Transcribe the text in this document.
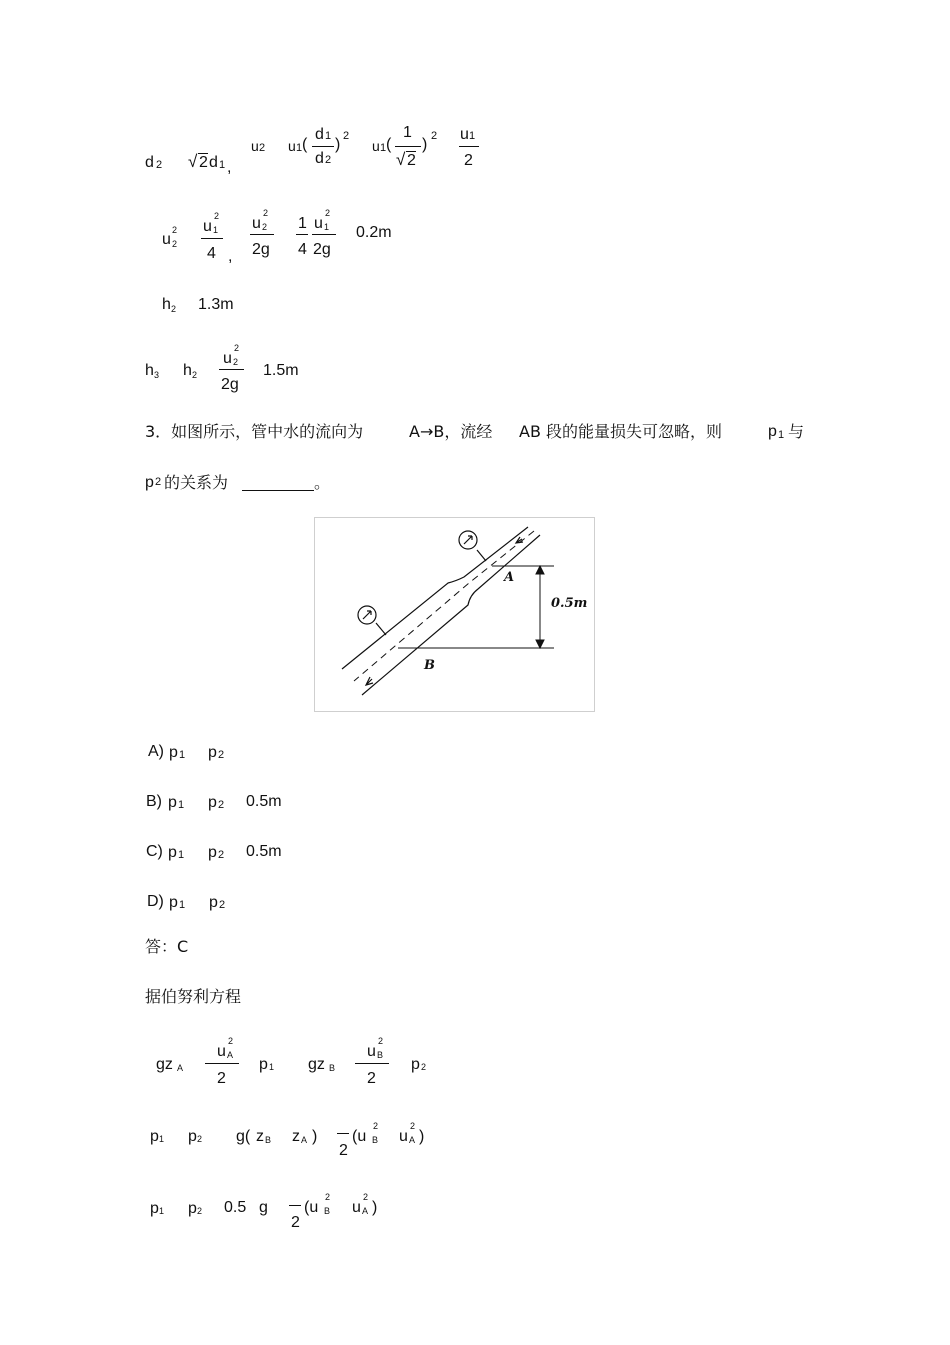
d 2 √ 2 d 1 ,
u 2 u 1 (
d 1
d 2
) 2
u 1 (
1
√ 2
) 2 u 1
2
u 2
2 u 1
2
4 ,
u 2
2
2g
1
4
u 1
2
2g
0.2m
h 2 1.3m
h 3 h 2
u 2
2
2g
1.5m
3．如图所示，管中水的流向为	A→B，流经 AB 段的能量损失可忽略，则	p 1 与
p 2 的关系为	。
A
B
0.5m
A) p 1 p 2
B) p 1 p 2 0.5m
C) p 1 p 2 0.5m
D) p 1 p 2
答：C
据伯努利方程
gz A
u A
2
2
p 1 gz B
u B
2
2
p 2
p 1 p 2 g( z B z A )
2
(u B
2
u A
2
)
p 1 p 2 0.5 g
2
(u B
2
u A
2
)
